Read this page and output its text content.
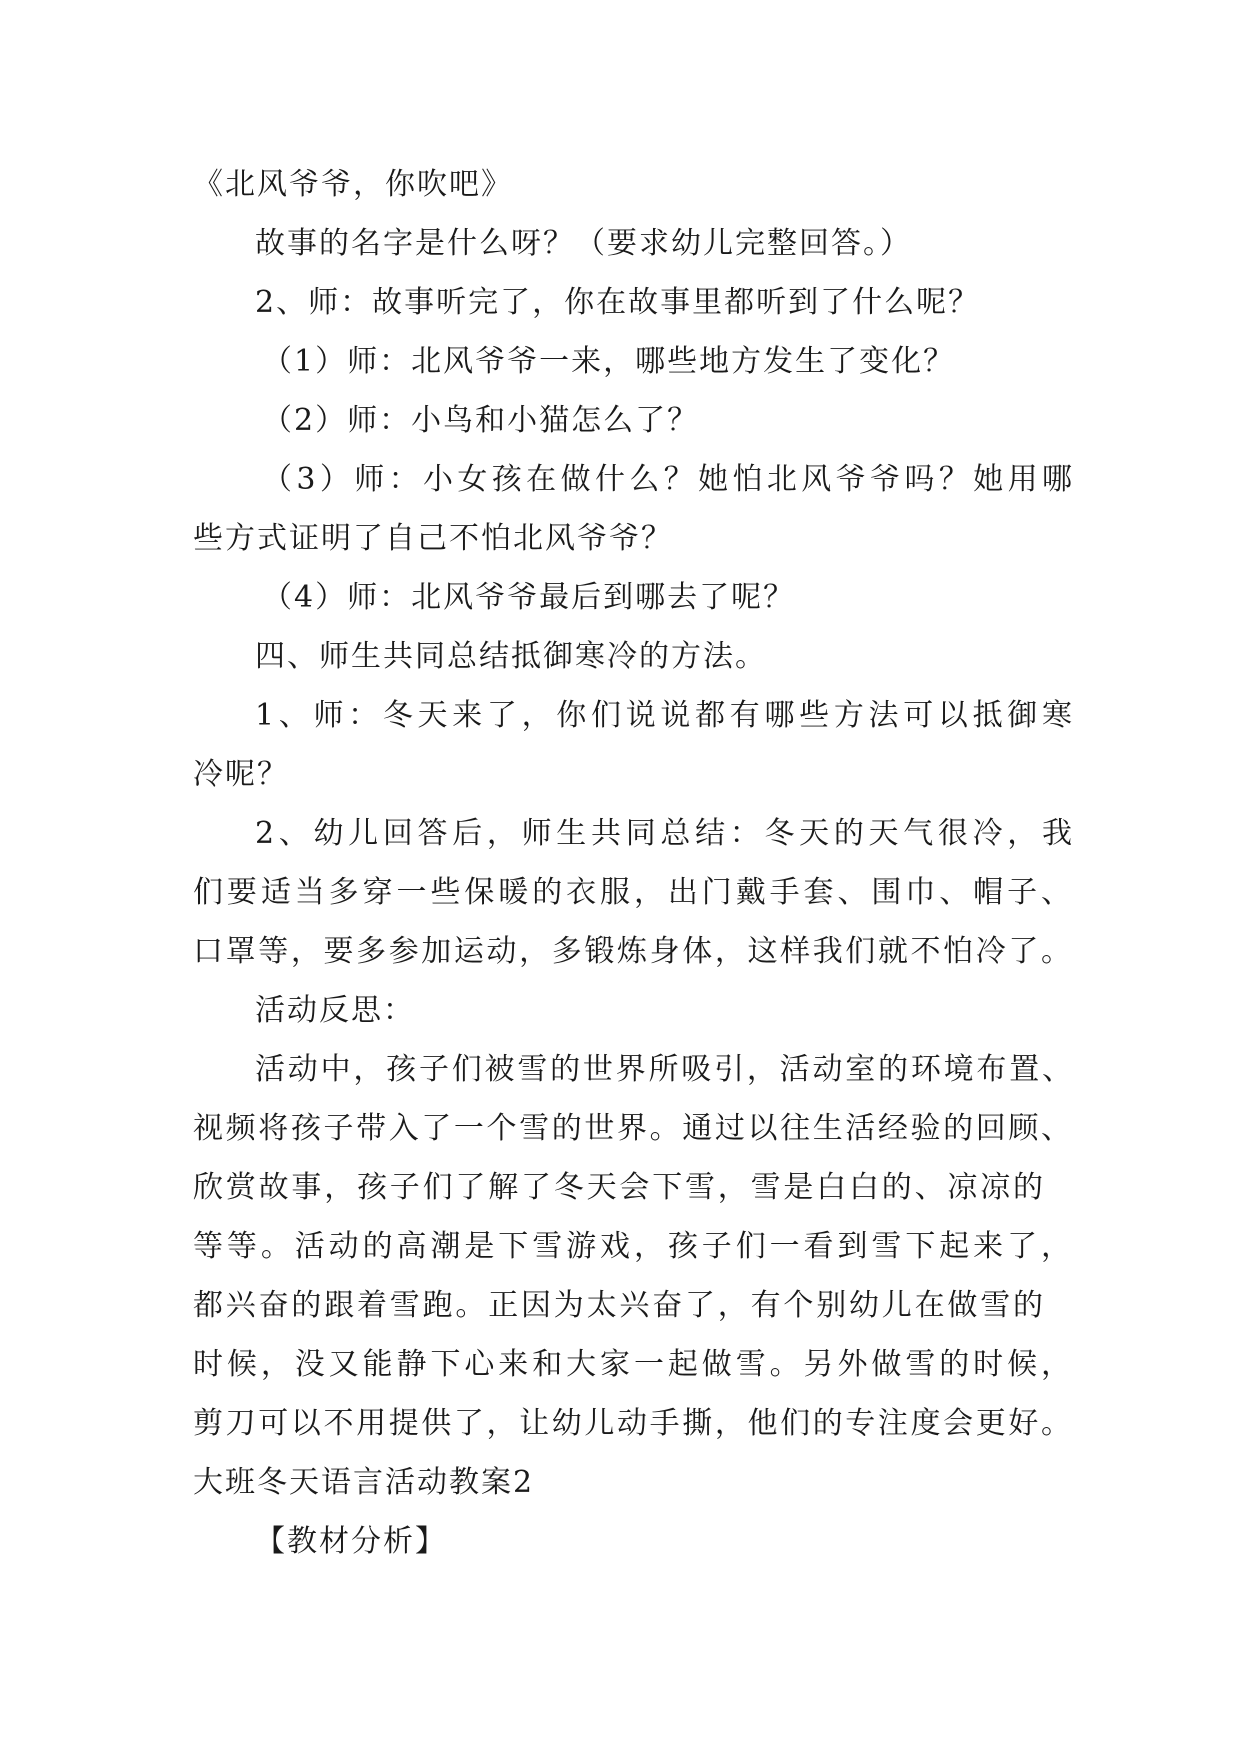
《北风爷爷，你吹吧》
故事的名字是什么呀？（要求幼儿完整回答。）
2、师：故事听完了，你在故事里都听到了什么呢？
（1）师：北风爷爷一来，哪些地方发生了变化？
（2）师：小鸟和小猫怎么了？
（3）师：小女孩在做什么？她怕北风爷爷吗？她用哪
些方式证明了自己不怕北风爷爷？
（4）师：北风爷爷最后到哪去了呢？
四、师生共同总结抵御寒冷的方法。
1、师：冬天来了，你们说说都有哪些方法可以抵御寒
冷呢？
2、幼儿回答后，师生共同总结：冬天的天气很冷，我
们要适当多穿一些保暖的衣服，出门戴手套、围巾、帽子、
口罩等，要多参加运动，多锻炼身体，这样我们就不怕冷了。
活动反思：
活动中，孩子们被雪的世界所吸引，活动室的环境布置、
视频将孩子带入了一个雪的世界。通过以往生活经验的回顾、
欣赏故事，孩子们了解了冬天会下雪，雪是白白的、凉凉的
等等。活动的高潮是下雪游戏，孩子们一看到雪下起来了，
都兴奋的跟着雪跑。正因为太兴奋了，有个别幼儿在做雪的
时候，没又能静下心来和大家一起做雪。另外做雪的时候，
剪刀可以不用提供了，让幼儿动手撕，他们的专注度会更好。
大班冬天语言活动教案2
【教材分析】
